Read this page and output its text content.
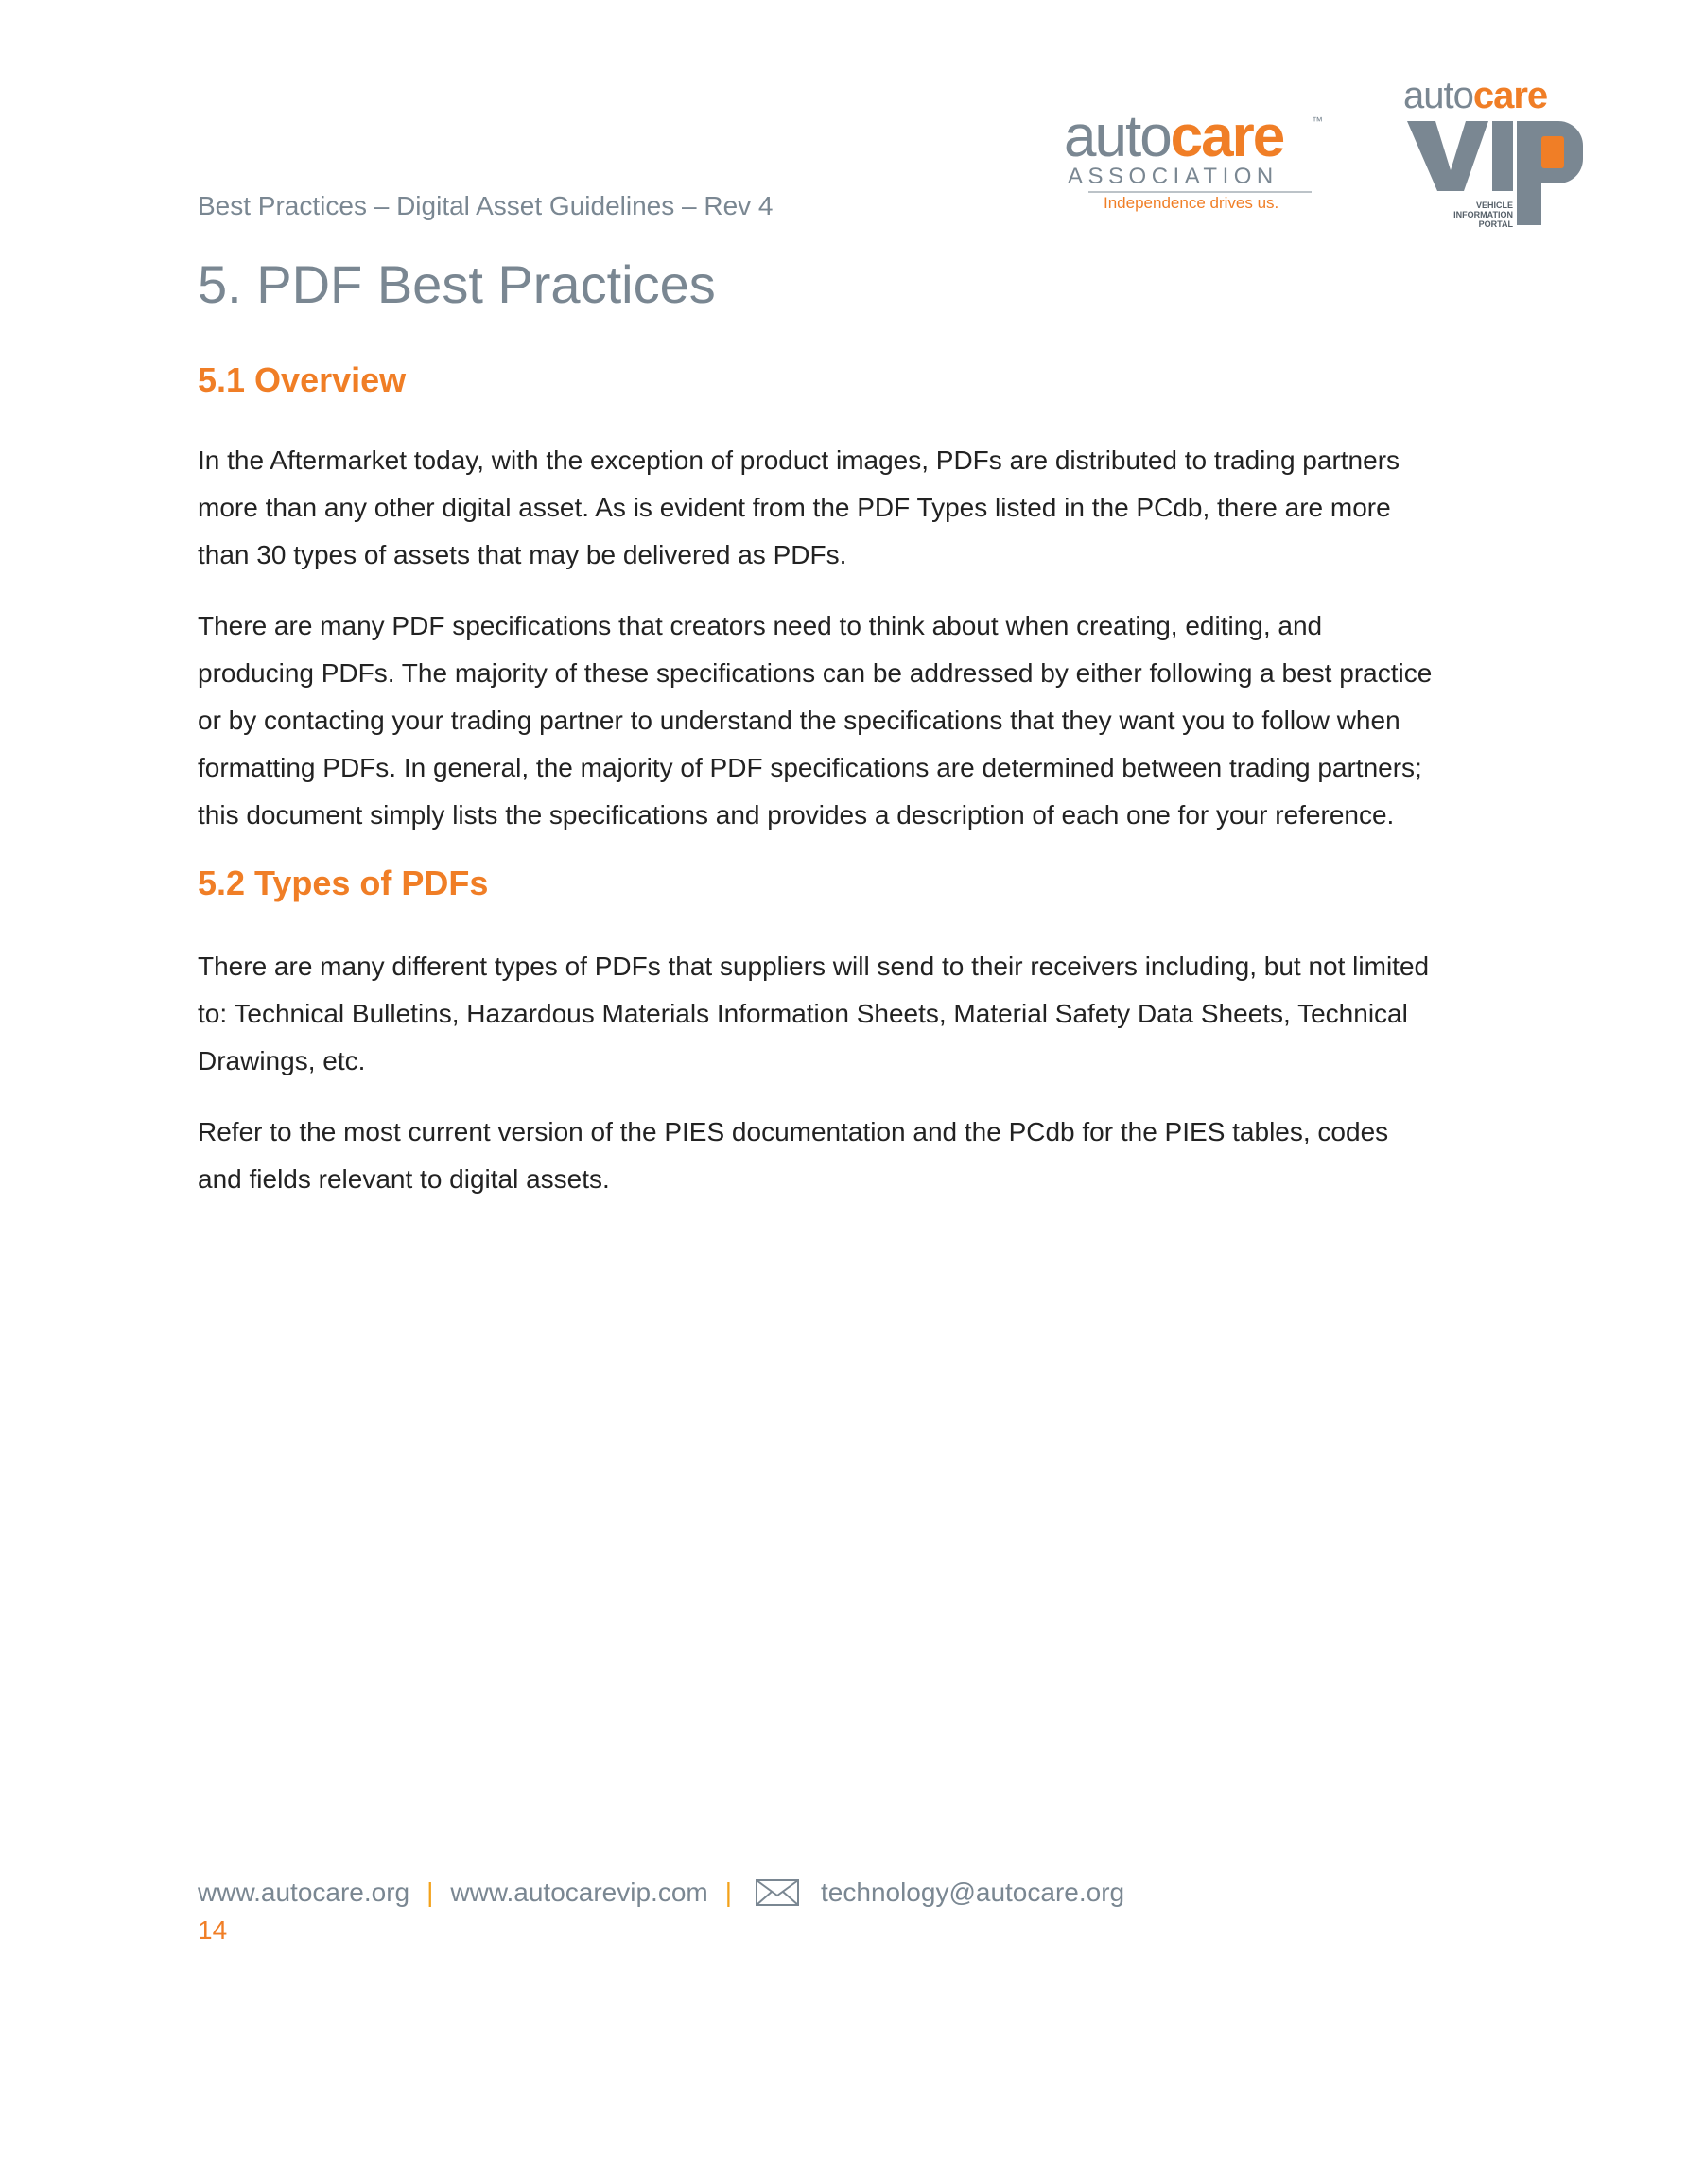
Best Practices – Digital Asset Guidelines – Rev 4
autocare ™
ASSOCIATION
Independence drives us.
autocare
VEHICLE
INFORMATION
PORTAL
5. PDF Best Practices
5.1 Overview
In the Aftermarket today, with the exception of product images, PDFs are distributed to trading partners
more than any other digital asset. As is evident from the PDF Types listed in the PCdb, there are more
than 30 types of assets that may be delivered as PDFs.
There are many PDF specifications that creators need to think about when creating, editing, and
producing PDFs. The majority of these specifications can be addressed by either following a best practice
or by contacting your trading partner to understand the specifications that they want you to follow when
formatting PDFs. In general, the majority of PDF specifications are determined between trading partners;
this document simply lists the specifications and provides a description of each one for your reference.
5.2 Types of PDFs
There are many different types of PDFs that suppliers will send to their receivers including, but not limited
to: Technical Bulletins, Hazardous Materials Information Sheets, Material Safety Data Sheets, Technical
Drawings, etc.
Refer to the most current version of the PIES documentation and the PCdb for the PIES tables, codes
and fields relevant to digital assets.
www.autocare.org | www.autocarevip.com |	technology@autocare.org
14
